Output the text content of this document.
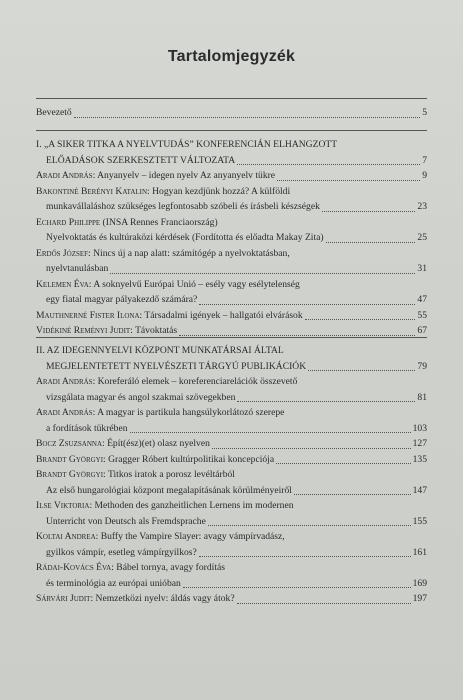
Tartalomjegyzék
Bevezető	5
I. „A SIKER TITKA A NYELVTUDÁS” KONFERENCIÁN ELHANGZOTT
ELŐADÁSOK SZERKESZTETT VÁLTOZATA	7
Aradi András: Anyanyelv – idegen nyelv Az anyanyelv tükre	9
Bakontiné Berényi Katalin: Hogyan kezdjünk hozzá? A külföldi
munkavállaláshoz szükséges legfontosabb szóbeli és írásbeli készségek	23
Echard Philippe (INSA Rennes Franciaország)
Nyelvoktatás és kultúraközi kérdések (Fordította és előadta Makay Zita)	25
Erdős József: Nincs új a nap alatt: számítógép a nyelvoktatásban,
nyelvtanulásban	31
Kelemen Éva: A soknyelvű Európai Unió – esély vagy esélytelenség
egy fiatal magyar pályakezdő számára?	47
Mauthnerné Fister Ilona: Társadalmi igények – hallgatói elvárások	55
Vidékiné Reményi Judit: Távoktatás	67
II. AZ IDEGENNYELVI KÖZPONT MUNKATÁRSAI ÁLTAL
MEGJELENTETETT NYELVÉSZETI TÁRGYÚ PUBLIKÁCIÓK	79
Aradi András: Koreferáló elemek – koreferenciarelációk összevető
vizsgálata magyar és angol szakmai szövegekben	81
Aradi András: A magyar is partikula hangsúlykorlátozó szerepe
a fordítások tükrében	103
Bocz Zsuzsanna: Épít(ész)(et) olasz nyelven	127
Brandt Györgyi: Gragger Róbert kultúrpolitikai koncepciója	135
Brandt Györgyi: Titkos iratok a porosz levéltárból
Az első hungarológiai központ megalapításának körülményeiről	147
Ilse Viktoria: Methoden des ganzheitlichen Lernens im modernen
Unterricht von Deutsch als Fremdsprache	155
Koltai Andrea: Buffy the Vampire Slayer: avagy vámpírvadász,
gyilkos vámpír, esetleg vámpírgyilkos?	161
Rádai-Kovács Éva: Bábel tornya, avagy fordítás
és terminológia az európai unióban	169
Sárvári Judit: Nemzetközi nyelv: áldás vagy átok?	197
